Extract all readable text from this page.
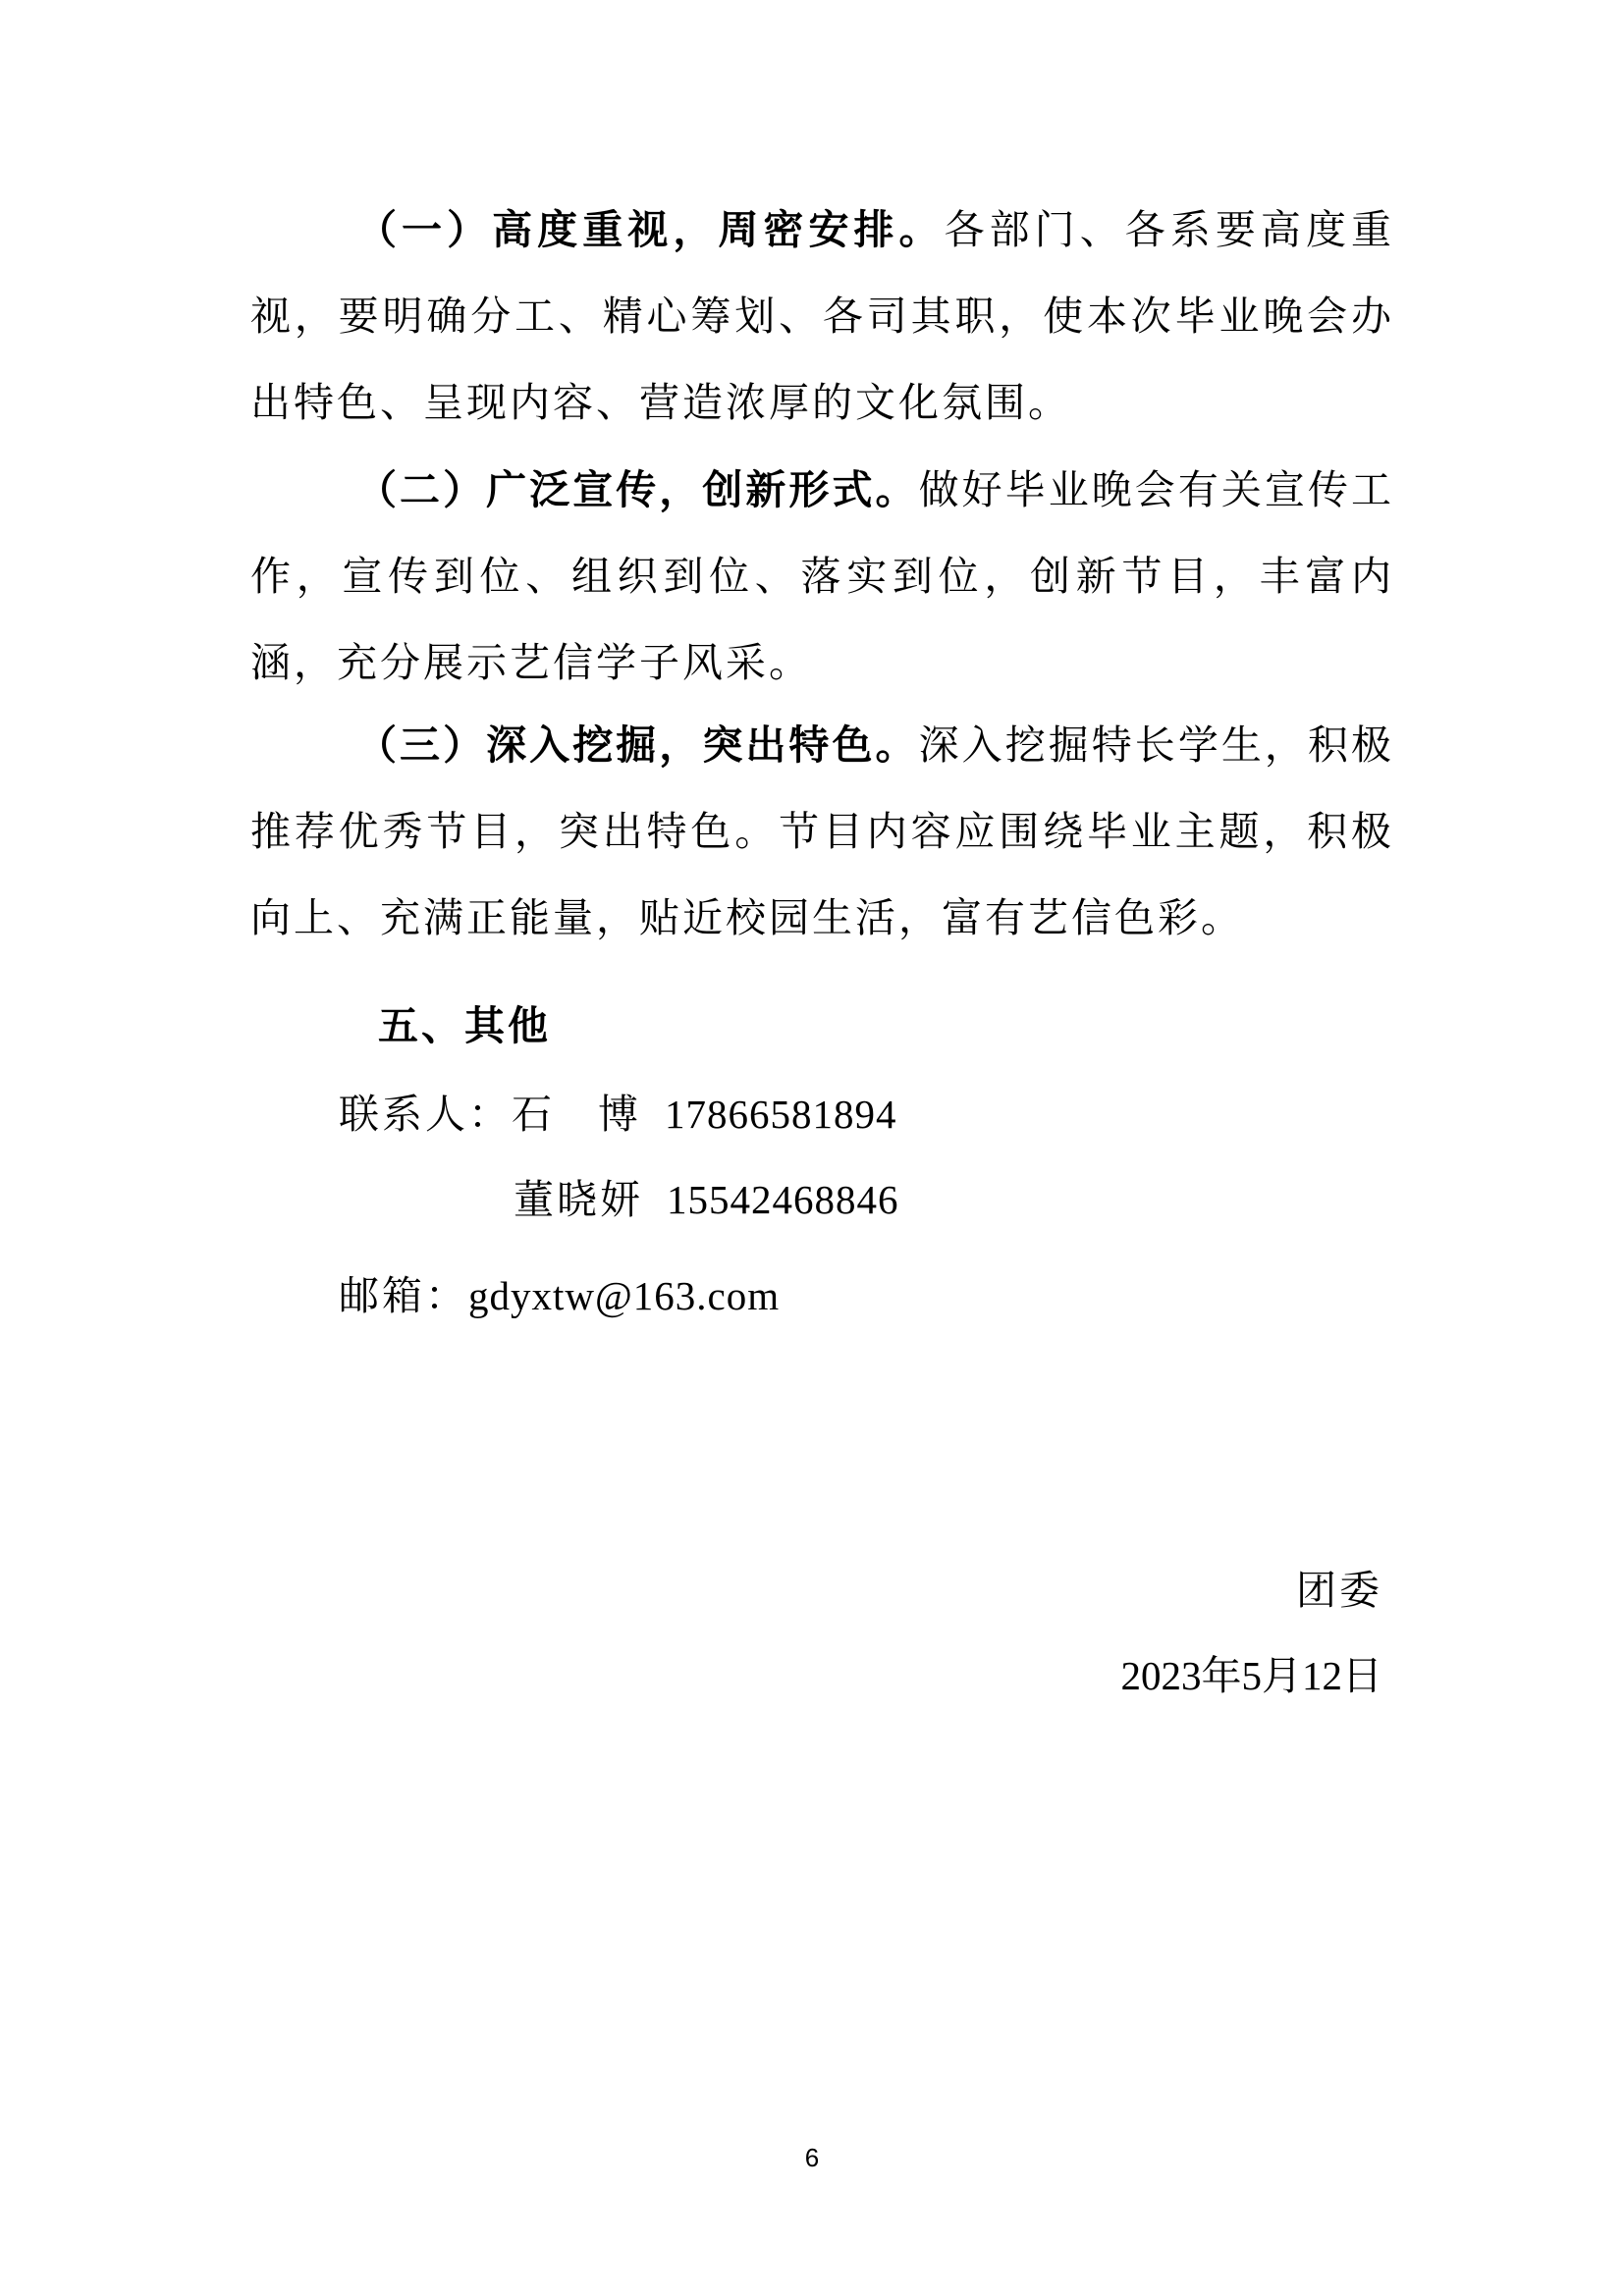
（一）高度重视，周密安排。各部门、各系要高度重视，要明确分工、精心筹划、各司其职，使本次毕业晚会办出特色、呈现内容、营造浓厚的文化氛围。

（二）广泛宣传，创新形式。做好毕业晚会有关宣传工作，宣传到位、组织到位、落实到位，创新节目，丰富内涵，充分展示艺信学子风采。

（三）深入挖掘，突出特色。深入挖掘特长学生，积极推荐优秀节目，突出特色。节目内容应围绕毕业主题，积极向上、充满正能量，贴近校园生活，富有艺信色彩。

五、其他

联系人：石　博 17866581894

董晓妍 15542468846

邮箱：gdyxtw@163.com

团委

2023年5月12日

6
